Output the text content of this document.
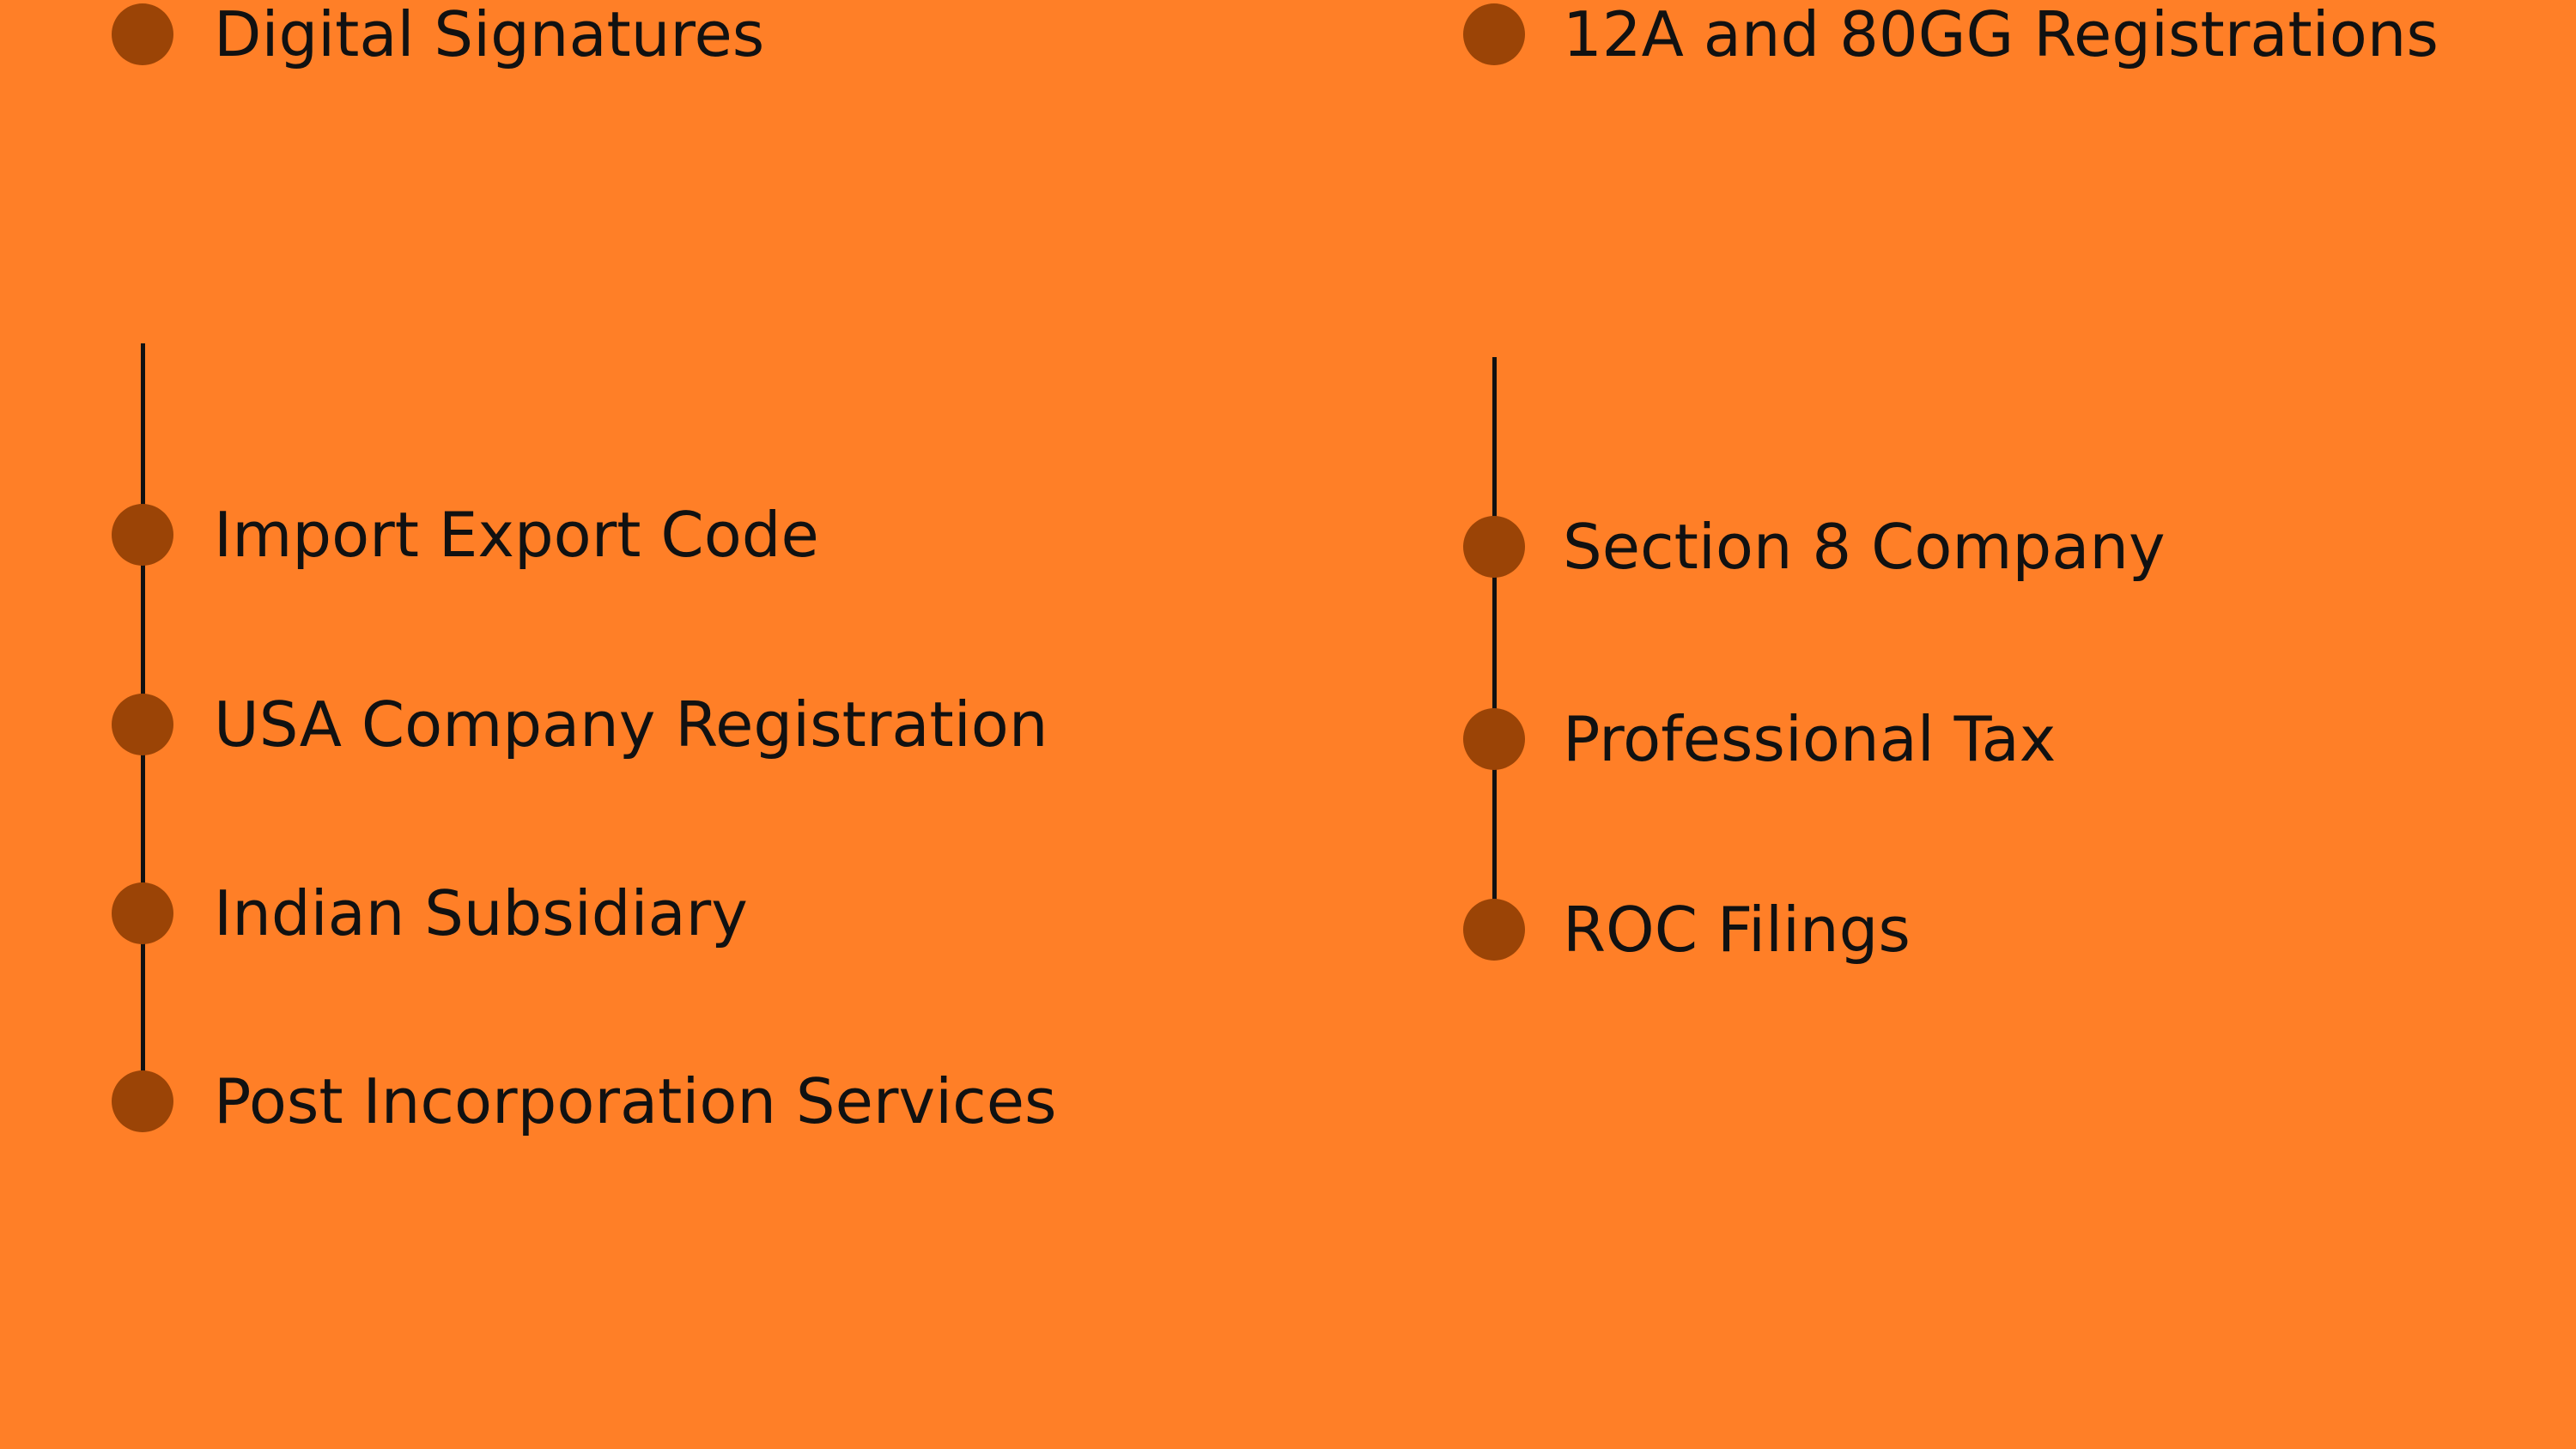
Import Export Code
USA Company Registration
Indian Subsidiary
Post Incorporation Services
Digital Signatures
Section 8 Company
Professional Tax
ROC Filings
12A and 80GG Registrations
